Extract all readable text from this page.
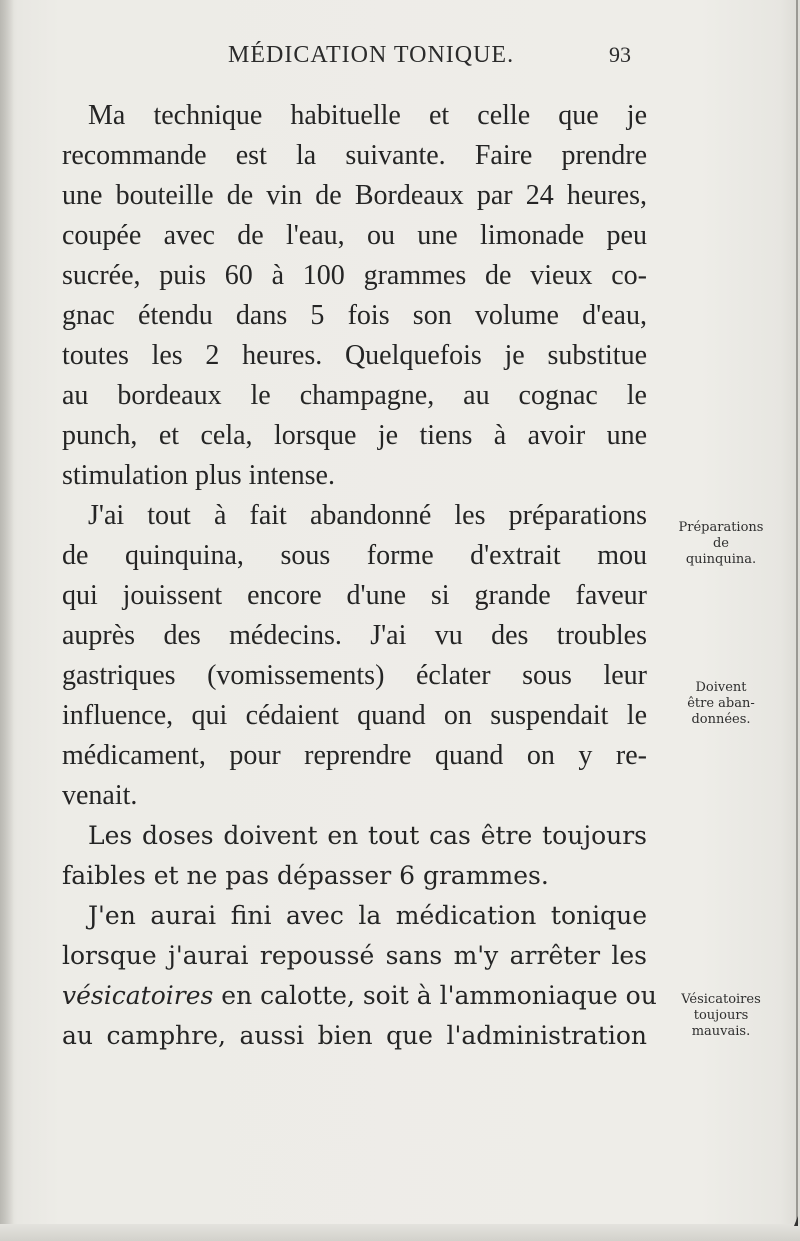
MÉDICATION TONIQUE.	93
Ma technique habituelle et celle que je
recommande est la suivante. Faire prendre
une bouteille de vin de Bordeaux par 24 heures,
coupée avec de l'eau, ou une limonade peu
sucrée, puis 60 à 100 grammes de vieux co-
gnac étendu dans 5 fois son volume d'eau,
toutes les 2 heures. Quelquefois je substitue
au bordeaux le champagne, au cognac le
punch, et cela, lorsque je tiens à avoir une
stimulation plus intense.
J'ai tout à fait abandonné les préparations
de quinquina, sous forme d'extrait mou
qui jouissent encore d'une si grande faveur
auprès des médecins. J'ai vu des troubles
gastriques (vomissements) éclater sous leur
influence, qui cédaient quand on suspendait le
médicament, pour reprendre quand on y re-
venait.
Les doses doivent en tout cas être toujours
faibles et ne pas dépasser 6 grammes.
J'en aurai fini avec la médication tonique
lorsque j'aurai repoussé sans m'y arrêter les
vésicatoires en calotte, soit à l'ammoniaque ou
au camphre, aussi bien que l'administration
Préparations
de
quinquina.
Doivent
être aban-
données.
Vésicatoires
toujours
mauvais.
